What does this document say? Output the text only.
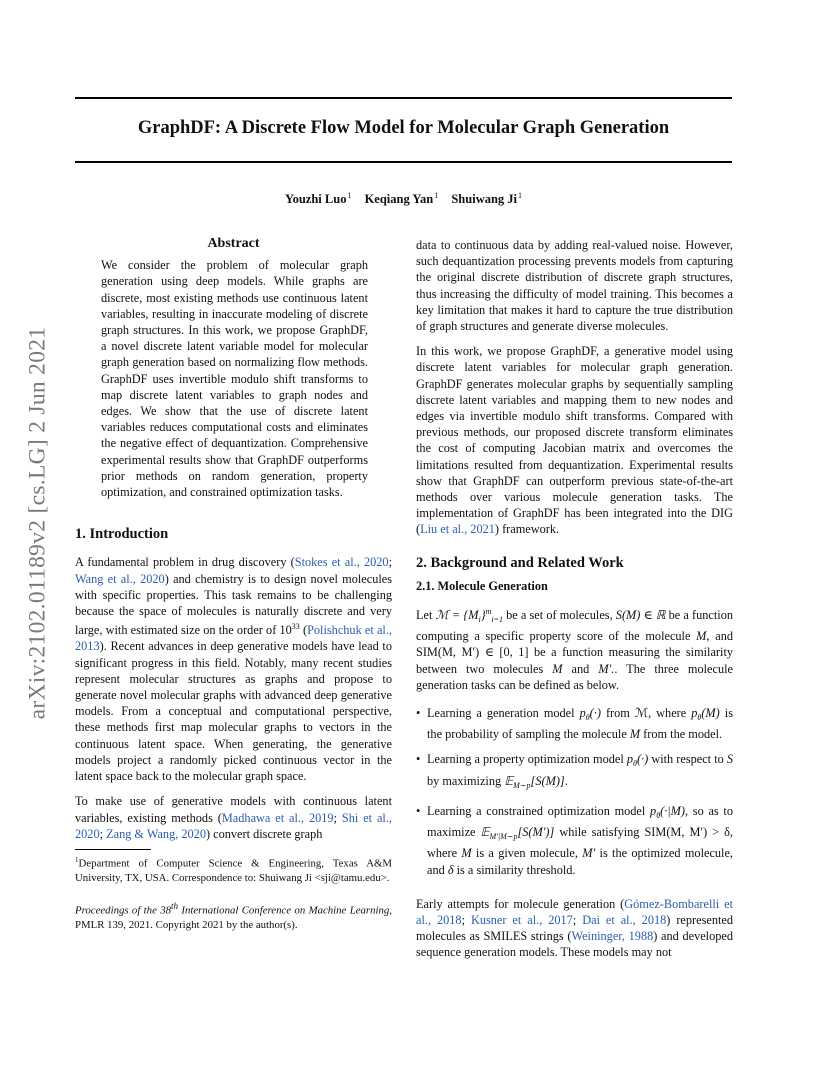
GraphDF: A Discrete Flow Model for Molecular Graph Generation
Youzhi Luo$^1$ Keqiang Yan$^1$ Shuiwang Ji$^1$
arXiv:2102.01189v2 [cs.LG] 2 Jun 2021
Abstract

We consider the problem of molecular graph generation using deep models. While graphs are discrete, most existing methods use continuous latent variables, resulting in inaccurate modeling of discrete graph structures. In this work, we propose GraphDF, a novel discrete latent variable model for molecular graph generation based on normalizing flow methods. GraphDF uses invertible modulo shift transforms to map discrete latent variables to graph nodes and edges. We show that the use of discrete latent variables reduces computational costs and eliminates the negative effect of dequantization. Comprehensive experimental results show that GraphDF outperforms prior methods on random generation, property optimization, and constrained optimization tasks.

1. Introduction

A fundamental problem in drug discovery (Stokes et al., 2020; Wang et al., 2020) and chemistry is to design novel molecules with specific properties. This task remains to be challenging because the space of molecules is naturally discrete and very large, with estimated size on the order of $10^{33}$ (Polishchuk et al., 2013). Recent advances in deep generative models have lead to significant progress in this field. Notably, many recent studies represent molecular structures as graphs and propose to generate novel molecular graphs with advanced deep generative models. From a conceptual and computational perspective, these methods first map molecular graphs to vectors in the continuous latent space. When generating, the generative models project a randomly picked continuous vector in the latent space back to the molecular graph space.

To make use of generative models with continuous latent variables, existing methods (Madhawa et al., 2019; Shi et al., 2020; Zang & Wang, 2020) convert discrete graph

$^1$Department of Computer Science & Engineering, Texas A&M University, TX, USA. Correspondence to: Shuiwang Ji <sji@tamu.edu>.

Proceedings of the 38th International Conference on Machine Learning, PMLR 139, 2021. Copyright 2021 by the author(s).

data to continuous data by adding real-valued noise. However, such dequantization processing prevents models from capturing the original discrete distribution of discrete graph structures, thus increasing the difficulty of model training. This becomes a key limitation that makes it hard to capture the true distribution of graph structures and generate diverse molecules.

In this work, we propose GraphDF, a generative model using discrete latent variables for molecular graph generation. GraphDF generates molecular graphs by sequentially sampling discrete latent variables and mapping them to new nodes and edges via invertible modulo shift transforms. Compared with previous methods, our proposed discrete transform eliminates the cost of computing Jacobian matrix and overcomes the limitations resulted from dequantization. Experimental results show that GraphDF can outperform previous state-of-the-art methods over various molecule generation tasks. The implementation of GraphDF has been integrated into the DIG (Liu et al., 2021) framework.

2. Background and Related Work
2.1. Molecule Generation

Let ℳ = $\{M_i\}^m_{i=1}$ be a set of molecules, S(M) ∈ ℝ be a function computing a specific property score of the molecule M, and SIM(M, M′) ∈ [0, 1] be a function measuring the similarity between two molecules M and M′.. The three molecule generation tasks can be defined as below.

• Learning a generation model $p_\theta(\cdot)$ from ℳ, where $p_\theta(M)$ is the probability of sampling the molecule M from the model.
• Learning a property optimization model $p_\theta(\cdot)$ with respect to S by maximizing 𝔼$_{M\sim p}$[S(M)].
• Learning a constrained optimization model $p_\theta(\cdot|M)$, so as to maximize 𝔼$_{M'|M\sim p}$[S(M′)] while satisfying SIM(M, M′) > δ, where M is a given molecule, M′ is the optimized molecule, and δ is a similarity threshold.

Early attempts for molecule generation (Gómez-Bombarelli et al., 2018; Kusner et al., 2017; Dai et al., 2018) represented molecules as SMILES strings (Weininger, 1988) and developed sequence generation models. These models may not
